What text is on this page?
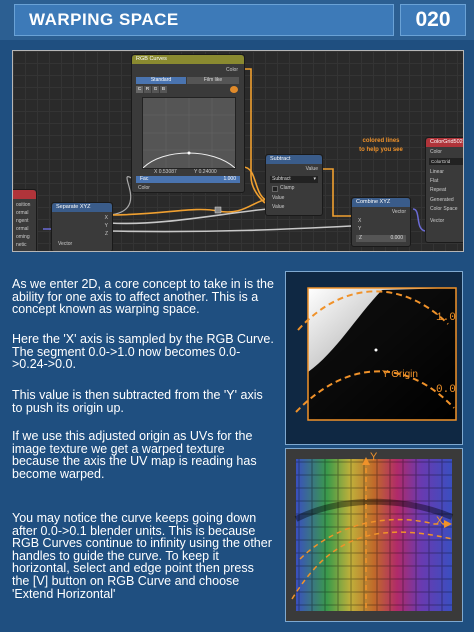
WARPING SPACE	020
colored lines
to help you see
osition
ormal
ngent
ormal
oming
netic
Separate XYZ
X
Y
Z
Vector
RGB Curves
Color
Standard	Film like
C R G B
X 0.53087	Y 0.24000
Fac	1.000
Color
Subtract
Value
Subtract	▾
Clamp
Value
Value
Combine XYZ
Vector
X
Y
Z	0.000
ColorGrid502
Color
ColorGrid
Linear
Flat
Repeat
Generated
Color Space
Vector
As we enter 2D, a core concept to take in is the ability for one axis to affect another. This is a concept known as warping space.
Here the 'X' axis is sampled by the RGB Curve. The segment 0.0->1.0 now becomes 0.0->0.24->0.0.
This value is then subtracted from the 'Y' axis to push its origin up.
If we use this adjusted origin as UVs for the image texture we get a warped texture because the axis the UV map is reading has become warped.
You may notice the curve keeps going down after 0.0->0.1 blender units. This is because RGB Curves continue to infinity using the other handles to guide the curve. To keep it horizontal, select and edge point then press the [V] button on RGB Curve and choose 'Extend Horizontal'
1.0
0.0
Y Origin
Y
X
